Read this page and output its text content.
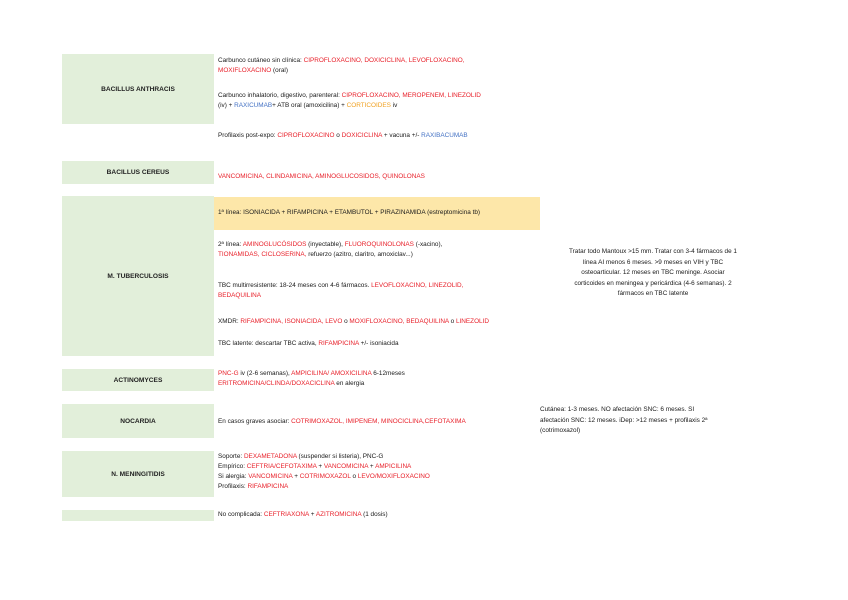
BACILLUS ANTHRACIS
BACILLUS CEREUS
M. TUBERCULOSIS
ACTINOMYCES
NOCARDIA
N. MENINGITIDIS
Carbunco cutáneo sin clínica: CIPROFLOXACINO, DOXICICLINA, LEVOFLOXACINO,
MOXIFLOXACINO (oral)
Carbunco inhalatorio, digestivo, parenteral: CIPROFLOXACINO, MEROPENEM, LINEZOLID
(iv) + RAXICUMAB+ ATB oral (amoxicilina) + CORTICOIDES iv
Profilaxis post-expo: CIPROFLOXACINO o DOXICICLINA + vacuna +/- RAXIBACUMAB
VANCOMICINA, CLINDAMICINA, AMINOGLUCOSIDOS, QUINOLONAS
1ª línea: ISONIACIDA + RIFAMPICINA + ETAMBUTOL + PIRAZINAMIDA (estreptomicina tb)
2ª línea: AMINOGLUCÓSIDOS (inyectable), FLUOROQUINOLONAS (-xacino),
TIONAMIDAS, CICLOSERINA, refuerzo (azitro, claritro, amoxiclav...)
TBC multirresistente: 18-24 meses con 4-6 fármacos. LEVOFLOXACINO, LINEZOLID,
BEDAQUILINA
XMDR: RIFAMPICINA, ISONIACIDA, LEVO o MOXIFLOXACINO, BEDAQUILINA o LINEZOLID
TBC latente: descartar TBC activa, RIFAMPICINA +/- isoniacida
Tratar todo Mantoux >15 mm. Tratar con 3-4 fármacos de 1
línea AI menos 6 meses. >9 meses en VIH y TBC
osteoarticular. 12 meses en TBC meninge. Asociar
corticoides en meningea y pericárdica (4-6 semanas). 2
fármacos en TBC latente
PNC-G iv (2-6 semanas), AMPICILINA/ AMOXICILINA 6-12meses
ERITROMICINA/CLINDA/DOXACICLINA en alergia
En casos graves asociar: COTRIMOXAZOL, IMIPENEM, MINOCICLINA,CEFOTAXIMA
Cutánea: 1-3 meses. NO afectación SNC: 6 meses. SI
afectación SNC: 12 meses. iDep: >12 meses + profilaxis 2ª
(cotrimoxazol)
Soporte: DEXAMETADONA (suspender si listeria), PNC-G
Empírico: CEFTRIA/CEFOTAXIMA + VANCOMICINA + AMPICILINA
Si alergia: VANCOMICINA + COTRIMOXAZOL o LEVO/MOXIFLOXACINO
Profilaxis: RIFAMPICINA
No complicada: CEFTRIAXONA + AZITROMICINA (1 dosis)
